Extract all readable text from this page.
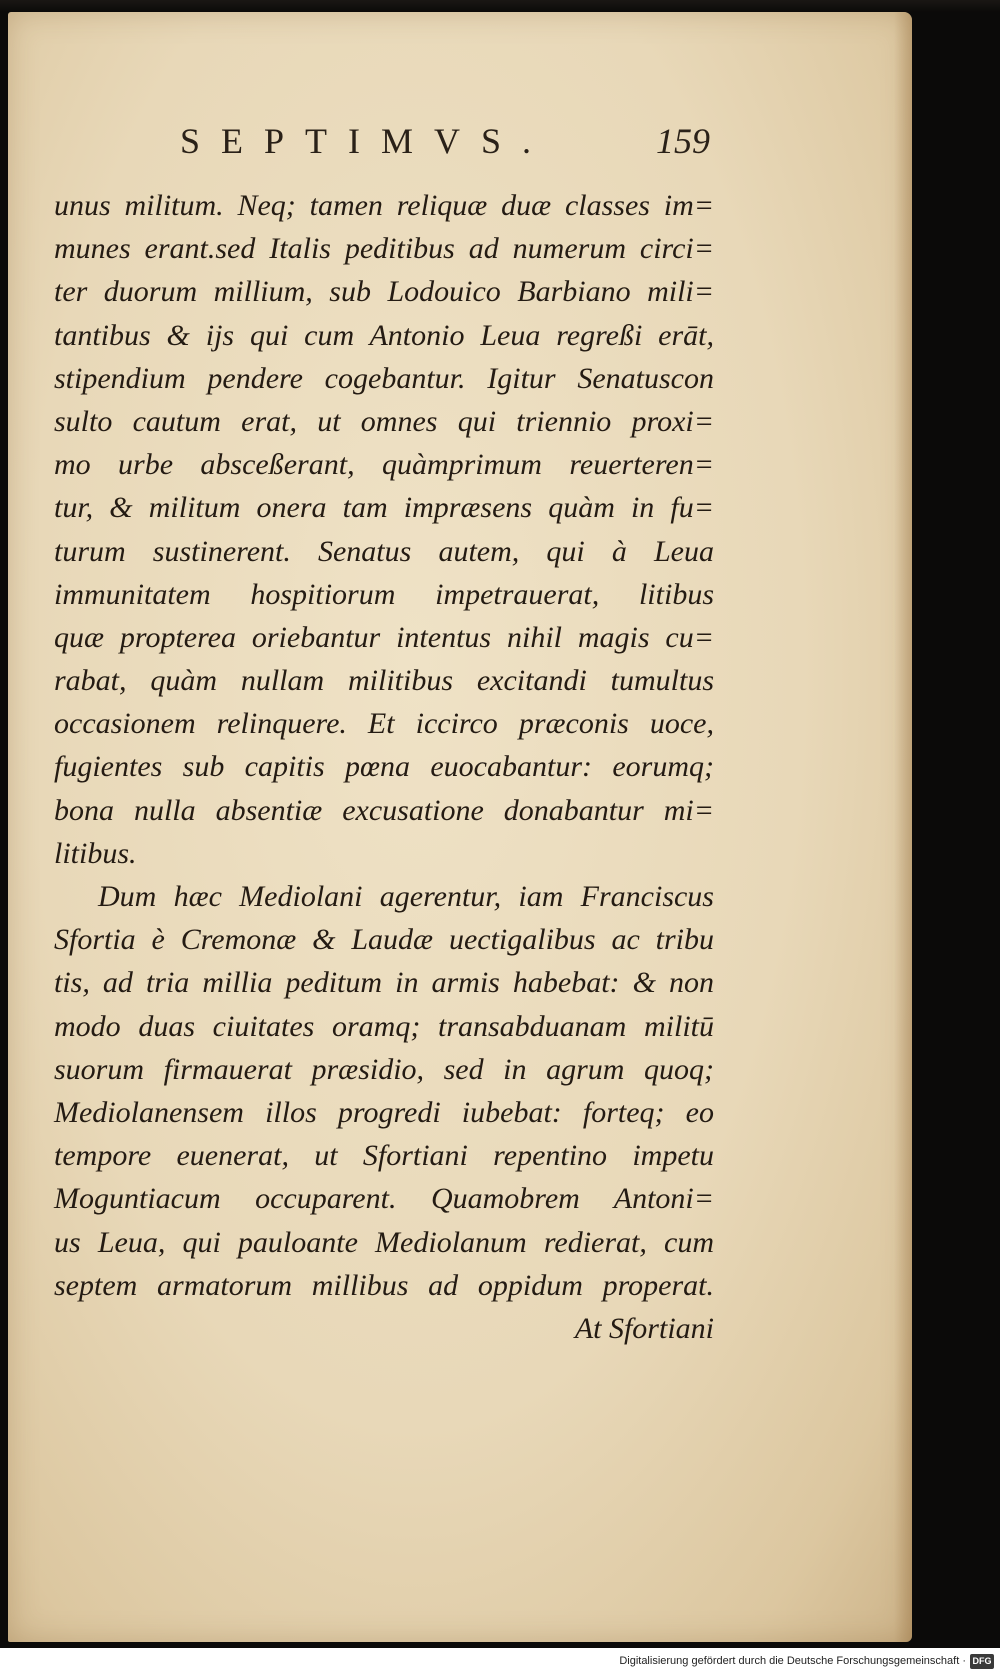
SEPTIMVS.	159
unus militum. Neq; tamen reliquæ duæ classes im=
munes erant.sed Italis peditibus ad numerum circi=
ter duorum millium, sub Lodouico Barbiano mili=
tantibus & ijs qui cum Antonio Leua regreßi erāt,
stipendium pendere cogebantur. Igitur Senatuscon
sulto cautum erat, ut omnes qui triennio proxi=
mo urbe absceßerant, quàmprimum reuerteren=
tur, & militum onera tam impræsens quàm in fu=
turum sustinerent. Senatus autem, qui à Leua
immunitatem hospitiorum impetrauerat, litibus
quæ propterea oriebantur intentus nihil magis cu=
rabat, quàm nullam militibus excitandi tumultus
occasionem relinquere. Et iccirco præconis uoce,
fugientes sub capitis pœna euocabantur: eorumq;
bona nulla absentiæ excusatione donabantur mi=
litibus.
Dum hæc Mediolani agerentur, iam Franciscus
Sfortia è Cremonæ & Laudæ uectigalibus ac tribu
tis, ad tria millia peditum in armis habebat: & non
modo duas ciuitates oramq; transabduanam militū
suorum firmauerat præsidio, sed in agrum quoq;
Mediolanensem illos progredi iubebat: forteq; eo
tempore euenerat, ut Sfortiani repentino impetu
Moguntiacum occuparent. Quamobrem Antoni=
us Leua, qui pauloante Mediolanum redierat, cum
septem armatorum millibus ad oppidum properat.
At Sfortiani
Digitalisierung gefördert durch die Deutsche Forschungsgemeinschaft · DFG
